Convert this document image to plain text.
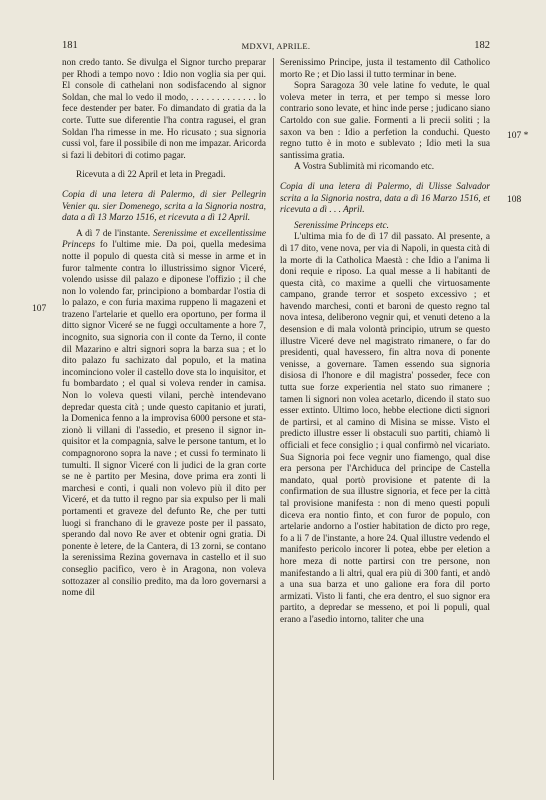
181	MDXVI, APRILE.	182
107
107 *
108

non credo tanto. Se divulga el Signor turcho preparar per Rhodi a tempo novo : Idio non voglia sia per qui. El console di cathelani non sodisfacendo al signor Soldan, che mal lo vedo il modo, . . . . . . . . . . . . . lo fece destender per bater. Fo dimandato di gratia da la corte. Tutte sue diferentie l'ha contra ragusei, el gran Soldan l'ha rimesse in me. Ho ricusato ; sua signoria cussi vol, fare il possibile di non me impazar. Aricorda si fazi li debitori di cotimo pagar.

Ricevuta a dì 22 April et leta in Pregadi.

Copia di una letera di Palermo, di sier Pellegrin Venier qu. sier Domenego, scrita a la Signoria nostra, data a dì 13 Marzo 1516, et ricevuta a dì 12 April.

A dì 7 de l'instante. Serenissime et excellentissime Princeps fo l'ultime mie. Da poi, quella medesima notte il populo di questa cità si messe in arme et in furor talmente contra lo illustrissimo signor Viceré, volendo usisse dil palazo e diponese l'offizio ; il che non lo volendo far, principiono a bombardar l'ostia di lo palazo, e con furia maxima ruppeno li magazeni et trazeno l'artelarie et quello era oportuno, per forma il ditto signor Viceré se ne fuggì occultamente a hore 7, incognito, sua signoria con il conte da Terno, il conte dil Mazarino e altri signori sopra la barza sua ; et lo dito palazo fu sachizato dal populo, et la matina incominciono voler il castello dove sta lo inquisitor, et fu bombardato ; el qual si voleva render in camisa. Non lo voleva questi vilani, perchè intendevano depredar questa cità ; unde questo capitanio et jurati, la Domenica fenno a la improvisa 6000 persone et stazionò li villani di l'assedio, et preseno il signor inquisitor et la compagnia, salve le persone tantum, et lo compagnorono sopra la nave ; et cussi fo terminato li tumulti. Il signor Viceré con li judici de la gran corte se ne è partito per Mesina, dove prima era zonti li marchesi e conti, i quali non volevo più il dito per Viceré, et da tutto il regno par sia expulso per li mali portamenti et graveze del defunto Re, che per tutti luogi si franchano di le graveze poste per il passato, sperando dal novo Re aver et obtenir ogni gratia. Di ponente è letere, de la Cantera, di 13 zorni, se contano la serenissima Rezina governava in castello et il suo conseglio pacifico, vero è in Aragona, non voleva sottozazer al consilio predito, ma da loro governarsi a nome dil

Serenissimo Principe, justa il testamento dil Catholico morto Re ; et Dio lassi il tutto terminar in bene.

Sopra Saragoza 30 vele latine fo vedute, le qual voleva meter in terra, et per tempo si messe loro contrario sono levate, et hinc inde perse ; judicano siano Cartoldo con sue galie. Formenti a li precii soliti ; la saxon va ben : Idio a perfetion la conduchi. Questo regno tutto è in moto e sublevato ; Idio meti la sua santissima gratia.

A Vostra Sublimità mi ricomando etc.

Copia di una letera di Palermo, di Ulisse Salvador scrita a la Signoria nostra, data a dì 16 Marzo 1516, et ricevuta a dì . . . April.

Serenissime Princeps etc.

L'ultima mia fo de dì 17 dil passato. Al presente, a dì 17 dito, vene nova, per via di Napoli, in questa cità di la morte di la Catholica Maestà : che Idio a l'anima li doni requie e riposo. La qual messe a li habitanti de questa cità, co maxime a quelli che virtuosamente campano, grande terror et sospeto excessivo ; et havendo marchesi, conti et baroni de questo regno tal nova intesa, deliberono vegnir qui, et venuti deteno a la desension e di mala volontà principio, utrum se questo illustre Viceré deve nel magistrato rimanere, o far do presidenti, qual havessero, fin altra nova di ponente venisse, a governare. Tamen essendo sua signoria disiosa di l'honore e dil magistra' posseder, fece con tutta sue forze experientia nel stato suo rimanere ; tamen li signori non volea acetarlo, dicendo il stato suo esser extinto. Ultimo loco, hebbe electione dicti signori de partirsi, et al camino di Misina se misse. Visto el predicto illustre esser li obstaculi suo partiti, chiamò li officiali et fece consiglio ; i qual confirmò nel vicariato. Sua Signoria poi fece vegnir uno fiamengo, qual dise era persona per l'Archiduca del principe de Castella mandato, qual portò provisione et patente di la confirmation de sua illustre signoria, et fece per la città tal provisione manifesta : non di meno questi populi diceva era nontio finto, et con furor de populo, con artelarie andorno a l'ostier habitation de dicto pro rege, fo a li 7 de l'instante, a hore 24. Qual illustre vedendo el manifesto pericolo incorer li potea, ebbe per eletion a hore meza di notte partirsi con tre persone, non manifestando a li altri, qual era più di 300 fanti, et andò a una sua barza et uno galione era fora dil porto armizati. Visto li fanti, che era dentro, el suo signor era partito, a depredar se messeno, et poi li populi, qual erano a l'asedio intorno, taliter che una
